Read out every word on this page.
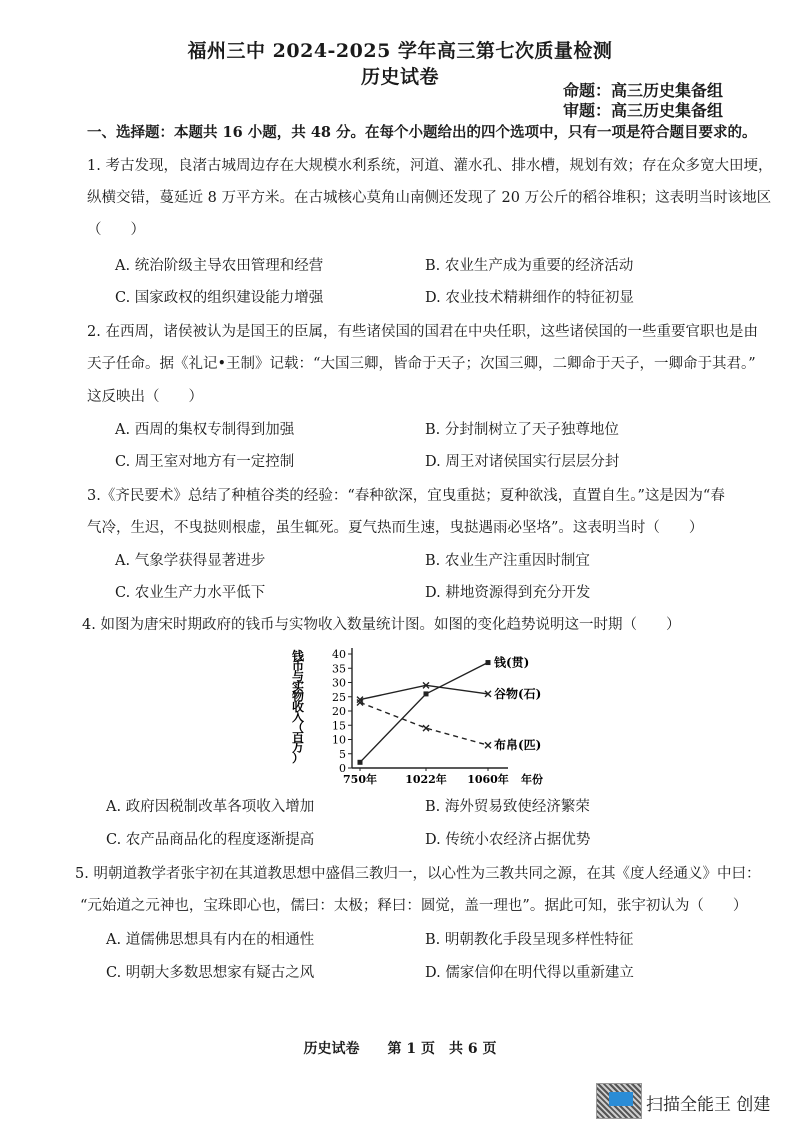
福州三中 2024-2025 学年高三第七次质量检测
历史试卷
命题：高三历史集备组
审题：高三历史集备组
一、选择题：本题共 16 小题，共 48 分。在每个小题给出的四个选项中，只有一项是符合题目要求的。
1. 考古发现，良渚古城周边存在大规模水利系统，河道、灌水孔、排水槽，规划有效；存在众多宽大田埂，
纵横交错，蔓延近 8 万平方米。在古城核心莫角山南侧还发现了 20 万公斤的稻谷堆积；这表明当时该地区
（　　）
A. 统治阶级主导农田管理和经营	B. 农业生产成为重要的经济活动
C. 国家政权的组织建设能力增强	D. 农业技术精耕细作的特征初显
2. 在西周，诸侯被认为是国王的臣属，有些诸侯国的国君在中央任职，这些诸侯国的一些重要官职也是由
天子任命。据《礼记•王制》记载：“大国三卿，皆命于天子；次国三卿，二卿命于天子，一卿命于其君。”
这反映出（　　）
A. 西周的集权专制得到加强	B. 分封制树立了天子独尊地位
C. 周王室对地方有一定控制	D. 周王对诸侯国实行层层分封
3.《齐民要术》总结了种植谷类的经验：“春种欲深，宜曳重挞；夏种欲浅，直置自生。”这是因为“春
气冷，生迟，不曳挞则根虚，虽生辄死。夏气热而生速，曳挞遇雨必坚垎”。这表明当时（　　）
A. 气象学获得显著进步	B. 农业生产注重因时制宜
C. 农业生产力水平低下	D. 耕地资源得到充分开发
4. 如图为唐宋时期政府的钱币与实物收入数量统计图。如图的变化趋势说明这一时期（　　）
钱
币
与
实
物
收
入
（
百
万
）
0
5
10
15
20
25
30
35
40
750年	1022年 1060年 年份
钱(贯)
谷物(石)
布帛(匹)
A. 政府因税制改革各项收入增加	B. 海外贸易致使经济繁荣
C. 农产品商品化的程度逐渐提高	D. 传统小农经济占据优势
5. 明朝道教学者张宇初在其道教思想中盛倡三教归一，以心性为三教共同之源，在其《度人经通义》中曰：
“元始道之元神也，宝珠即心也，儒曰：太极；释曰：圆觉，盖一理也”。据此可知，张宇初认为（　　）
A. 道儒佛思想具有内在的相通性	B. 明朝教化手段呈现多样性特征
C. 明朝大多数思想家有疑古之风	D. 儒家信仰在明代得以重新建立
历史试卷　　第 1 页　共 6 页
扫描全能王 创建
